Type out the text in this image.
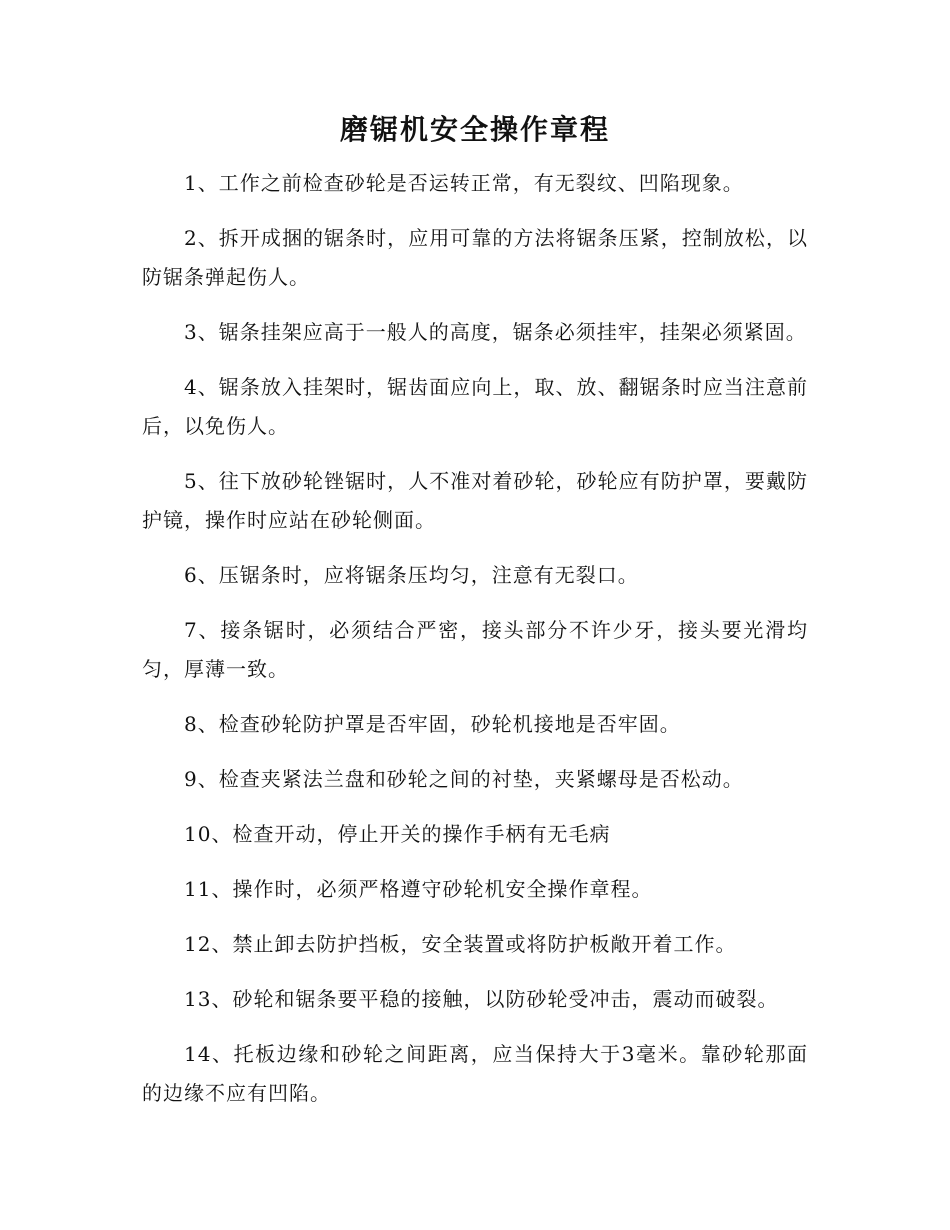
磨锯机安全操作章程

1、工作之前检查砂轮是否运转正常，有无裂纹、凹陷现象。

2、拆开成捆的锯条时，应用可靠的方法将锯条压紧，控制放松，以防锯条弹起伤人。

3、锯条挂架应高于一般人的高度，锯条必须挂牢，挂架必须紧固。

4、锯条放入挂架时，锯齿面应向上，取、放、翻锯条时应当注意前后，以免伤人。

5、往下放砂轮锉锯时，人不准对着砂轮，砂轮应有防护罩，要戴防护镜，操作时应站在砂轮侧面。

6、压锯条时，应将锯条压均匀，注意有无裂口。

7、接条锯时，必须结合严密，接头部分不许少牙，接头要光滑均匀，厚薄一致。

8、检查砂轮防护罩是否牢固，砂轮机接地是否牢固。

9、检查夹紧法兰盘和砂轮之间的衬垫，夹紧螺母是否松动。

10、检查开动，停止开关的操作手柄有无毛病

11、操作时，必须严格遵守砂轮机安全操作章程。

12、禁止卸去防护挡板，安全装置或将防护板敞开着工作。

13、砂轮和锯条要平稳的接触，以防砂轮受冲击，震动而破裂。

14、托板边缘和砂轮之间距离，应当保持大于3毫米。靠砂轮那面的边缘不应有凹陷。
